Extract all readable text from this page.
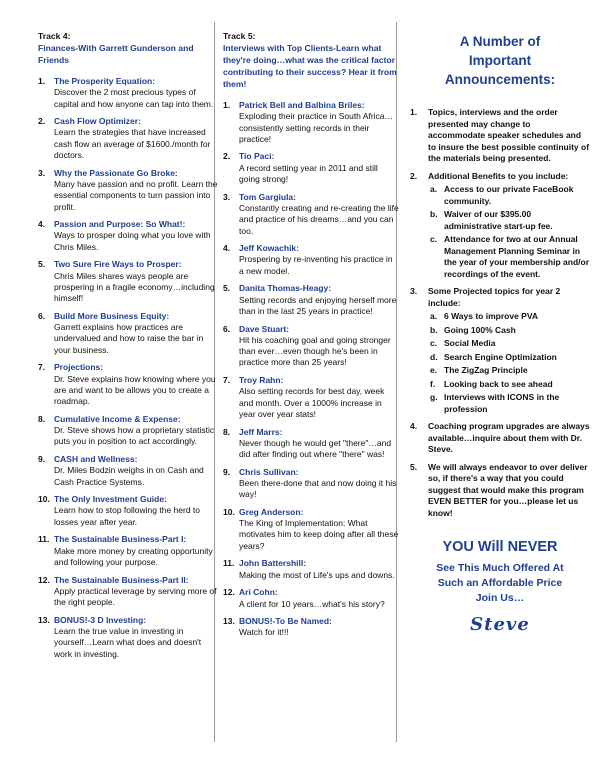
Track 4:
Finances-With Garrett Gunderson and Friends
1. The Prosperity Equation:
Discover the 2 most precious types of capital and how anyone can tap into them.
2. Cash Flow Optimizer:
Learn the strategies that have increased cash flow an average of $1600./month for doctors.
3. Why the Passionate Go Broke:
Many have passion and no profit. Learn the essential components to turn passion into profit.
4. Passion and Purpose: So What!:
Ways to prosper doing what you love with Chris Miles.
5. Two Sure Fire Ways to Prosper:
Chris Miles shares ways people are prospering in a fragile economy…including himself!
6. Build More Business Equity:
Garrett explains how practices are undervalued and how to raise the bar in your business.
7. Projections:
Dr. Steve explains how knowing where you are and want to be allows you to create a roadmap.
8. Cumulative Income & Expense:
Dr. Steve shows how a proprietary statistic puts you in position to act accordingly.
9. CASH and Wellness:
Dr. Miles Bodzin weighs in on Cash and Cash Practice Systems.
10. The Only Investment Guide:
Learn how to stop following the herd to losses year after year.
11. The Sustainable Business-Part I:
Make more money by creating opportunity and following your purpose.
12. The Sustainable Business-Part II:
Apply practical leverage by serving more of the right people.
13. BONUS!-3 D Investing:
Learn the true value in investing in yourself…Learn what does and doesn't work in investing.
Track 5:
Interviews with Top Clients-Learn what they're doing…what was the critical factor contributing to their success? Hear it from them!
1. Patrick Bell and Balbina Briles:
Exploding their practice in South Africa…consistently setting records in their practice!
2. Tio Paci:
A record setting year in 2011 and still going strong!
3. Tom Gargiula:
Constantly creating and re-creating the life and practice of his dreams…and you can too.
4. Jeff Kowachik:
Prospering by re-inventing his practice in a new model.
5. Danita Thomas-Heagy:
Setting records and enjoying herself more than in the last 25 years in practice!
6. Dave Stuart:
Hit his coaching goal and going stronger than ever…even though he's been in practice more than 25 years!
7. Troy Rahn:
Also setting records for best day, week and month. Over a 1000% increase in year over year stats!
8. Jeff Marrs:
Never though he would get "there"…and did after finding out where "there" was!
9. Chris Sullivan:
Been there-done that and now doing it his way!
10. Greg Anderson:
The King of Implementation: What motivates him to keep doing after all these years?
11. John Battershill:
Making the most of Life's ups and downs.
12. Ari Cohn:
A client for 10 years…what's his story?
13. BONUS!-To Be Named:
Watch for it!!!
A Number of
Important
Announcements:
1. Topics, interviews and the order presented may change to accommodate speaker schedules and to insure the best possible continuity of the materials being presented.
2. Additional Benefits to you include:
a. Access to our private FaceBook community.
b. Waiver of our $395.00 administrative start-up fee.
c. Attendance for two at our Annual Management Planning Seminar in the year of your membership and/or recordings of the event.
3. Some Projected topics for year 2 include:
a. 6 Ways to improve PVA
b. Going 100% Cash
c. Social Media
d. Search Engine Optimization
e. The ZigZag Principle
f. Looking back to see ahead
g. Interviews with ICONS in the profession
4. Coaching program upgrades are always available…inquire about them with Dr. Steve.
5. We will always endeavor to over deliver so, if there's a way that you could suggest that would make this program EVEN BETTER for you…please let us know!
YOU Will NEVER
See This Much Offered At
Such an Affordable Price
Join Us…
Steve
